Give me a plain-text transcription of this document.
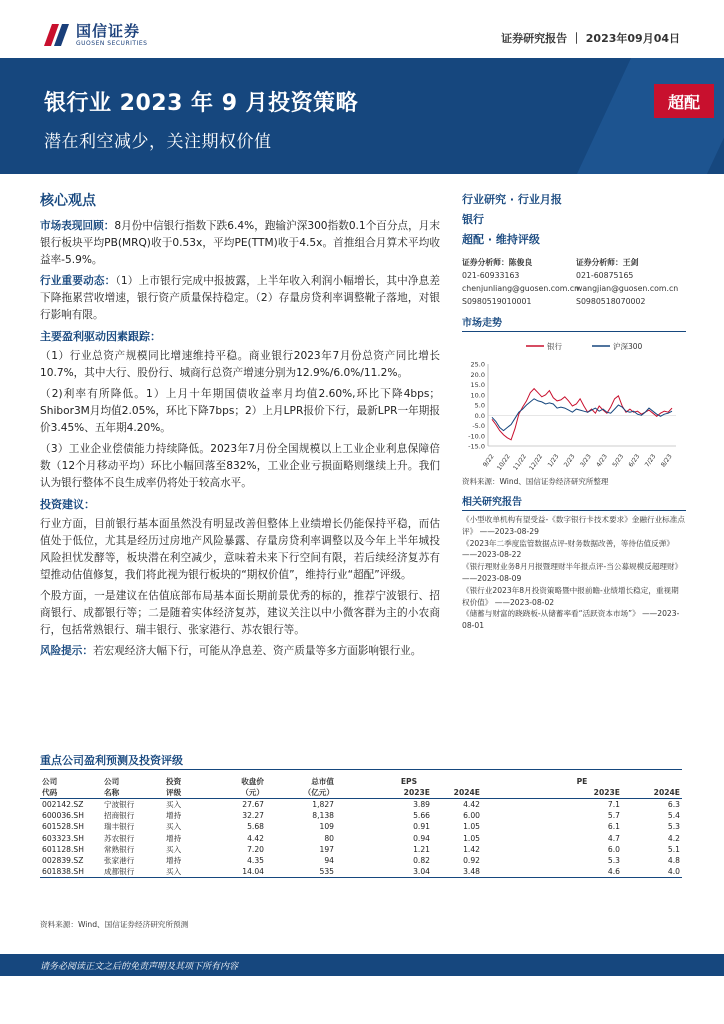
国信证券
GUOSEN SECURITIES	证券研究报告 ｜ 2023年09月04日
银行业 2023 年 9 月投资策略
潜在利空减少，关注期权价值
超配
核心观点

市场表现回顾：8月份中信银行指数下跌6.4%，跑输沪深300指数0.1个百分点，月末银行板块平均PB(MRQ)收于0.53x，平均PE(TTM)收于4.5x。首推组合月算术平均收益率-5.9%。

行业重要动态：（1）上市银行完成中报披露，上半年收入利润小幅增长，其中净息差下降拖累营收增速，银行资产质量保持稳定。（2）存量房贷利率调整靴子落地，对银行影响有限。

主要盈利驱动因素跟踪：

（1）行业总资产规模同比增速维持平稳。商业银行2023年7月份总资产同比增长10.7%，其中大行、股份行、城商行总资产增速分别为12.9%/6.0%/11.2%。

（2)利率有所降低。1）上月十年期国债收益率月均值2.60%,环比下降4bps；Shibor3M月均值2.05%，环比下降7bps；2）上月LPR报价下行，最新LPR一年期报价3.45%、五年期4.20%。

（3）工业企业偿债能力持续降低。2023年7月份全国规模以上工业企业利息保障倍数（12个月移动平均）环比小幅回落至832%，工业企业亏损面略则继续上升。我们认为银行整体不良生成率仍将处于较高水平。

投资建议：

行业方面，目前银行基本面虽然没有明显改善但整体上业绩增长仍能保持平稳，而估值处于低位，尤其是经历过房地产风险暴露、存量房贷利率调整以及今年上半年城投风险担忧发酵等，板块潜在利空减少，意味着未来下行空间有限，若后续经济复苏有望推动估值修复，我们将此视为银行板块的“期权价值”，维持行业“超配”评级。

个股方面，一是建议在估值底部布局基本面长期前景优秀的标的，推荐宁波银行、招商银行、成都银行等；二是随着实体经济复苏，建议关注以中小微客群为主的小农商行，包括常熟银行、瑞丰银行、张家港行、苏农银行等。

风险提示：若宏观经济大幅下行，可能从净息差、资产质量等多方面影响银行业。

行业研究 · 行业月报
银行
超配 · 维持评级
证券分析师：陈俊良
021-60933163
chenjunliang@guosen.com.cn
S0980519010001
证券分析师：王剑
021-60875165
wangjian@guosen.com.cn
S0980518070002
市场走势
银行	沪深300
25.0
20.0
15.0
10.0
5.0
0.0
-5.0
-10.0
-15.0
9/22 10/22 11/22 12/22 1/23 2/23 3/23 4/23 5/23 6/23 7/23 8/23
资料来源：Wind、国信证券经济研究所整理
相关研究报告
《小型收单机构有望受益-《数字银行卡技术要求》金融行业标准点评》 ——2023-08-29
《2023年二季度监管数据点评-财务数据改善，等待估值反弹》 ——2023-08-22
《银行理财业务8月月报暨理财半年报点评-当公募规模反超理财》 ——2023-08-09
《银行业2023年8月投资策略暨中报前瞻-业绩增长稳定，重视期权价值》 ——2023-08-02
《储蓄与财富的跷跷板-从储蓄率看“活跃资本市场”》 ——2023-08-01
重点公司盈利预测及投资评级
公司	公司	投资	收盘价	总市值	EPS		PE	
代码	名称	评级	（元）	（亿元）	2023E	2024E	2023E	2024E
002142.SZ	宁波银行	买入	27.67	1,827	3.89	4.42	7.1	6.3
600036.SH	招商银行	增持	32.27	8,138	5.66	6.00	5.7	5.4
601528.SH	瑞丰银行	买入	5.68	109	0.91	1.05	6.1	5.3
603323.SH	苏农银行	增持	4.42	80	0.94	1.05	4.7	4.2
601128.SH	常熟银行	买入	7.20	197	1.21	1.42	6.0	5.1
002839.SZ	张家港行	增持	4.35	94	0.82	0.92	5.3	4.8
601838.SH	成都银行	买入	14.04	535	3.04	3.48	4.6	4.0
资料来源：Wind、国信证券经济研究所预测
请务必阅读正文之后的免责声明及其项下所有内容
